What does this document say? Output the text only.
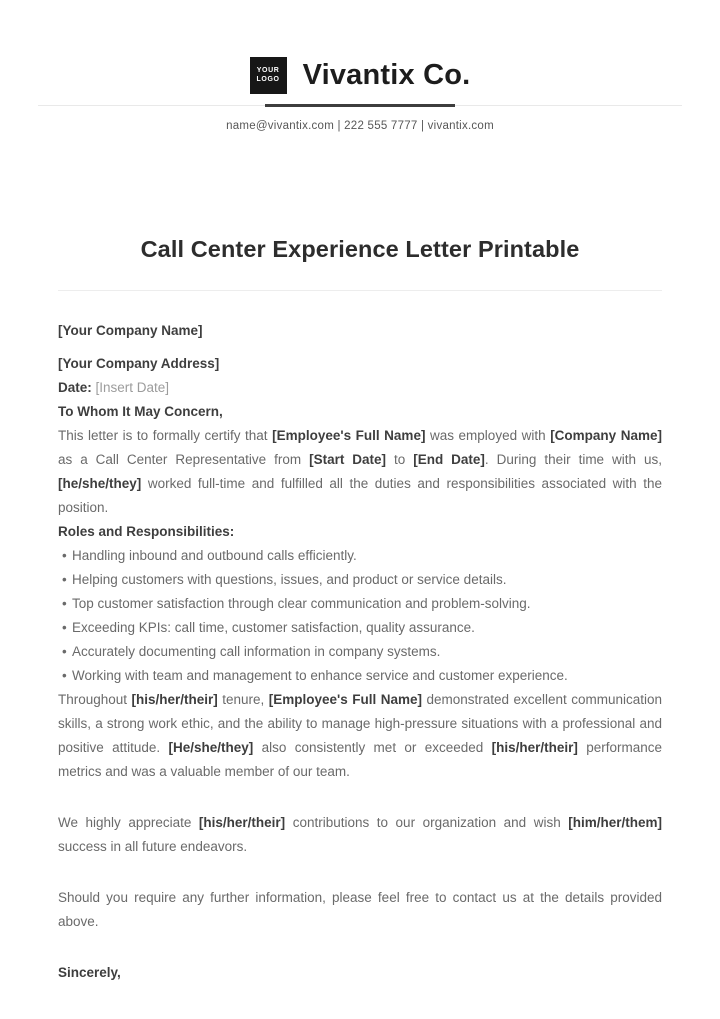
YOUR
LOGO Vivantix Co.
name@vivantix.com | 222 555 7777 | vivantix.com
Call Center Experience Letter Printable

[Your Company Name]

[Your Company Address]

Date: [Insert Date]

To Whom It May Concern,

This letter is to formally certify that [Employee's Full Name] was employed with [Company Name] as a Call Center Representative from [Start Date] to [End Date]. During their time with us, [he/she/they] worked full-time and fulfilled all the duties and responsibilities associated with the position.

Roles and Responsibilities:

• Handling inbound and outbound calls efficiently.
• Helping customers with questions, issues, and product or service details.
• Top customer satisfaction through clear communication and problem-solving.
• Exceeding KPIs: call time, customer satisfaction, quality assurance.
• Accurately documenting call information in company systems.
• Working with team and management to enhance service and customer experience.

Throughout [his/her/their] tenure, [Employee's Full Name] demonstrated excellent communication skills, a strong work ethic, and the ability to manage high-pressure situations with a professional and positive attitude. [He/she/they] also consistently met or exceeded [his/her/their] performance metrics and was a valuable member of our team.

We highly appreciate [his/her/their] contributions to our organization and wish [him/her/them] success in all future endeavors.

Should you require any further information, please feel free to contact us at the details provided above.

Sincerely,
